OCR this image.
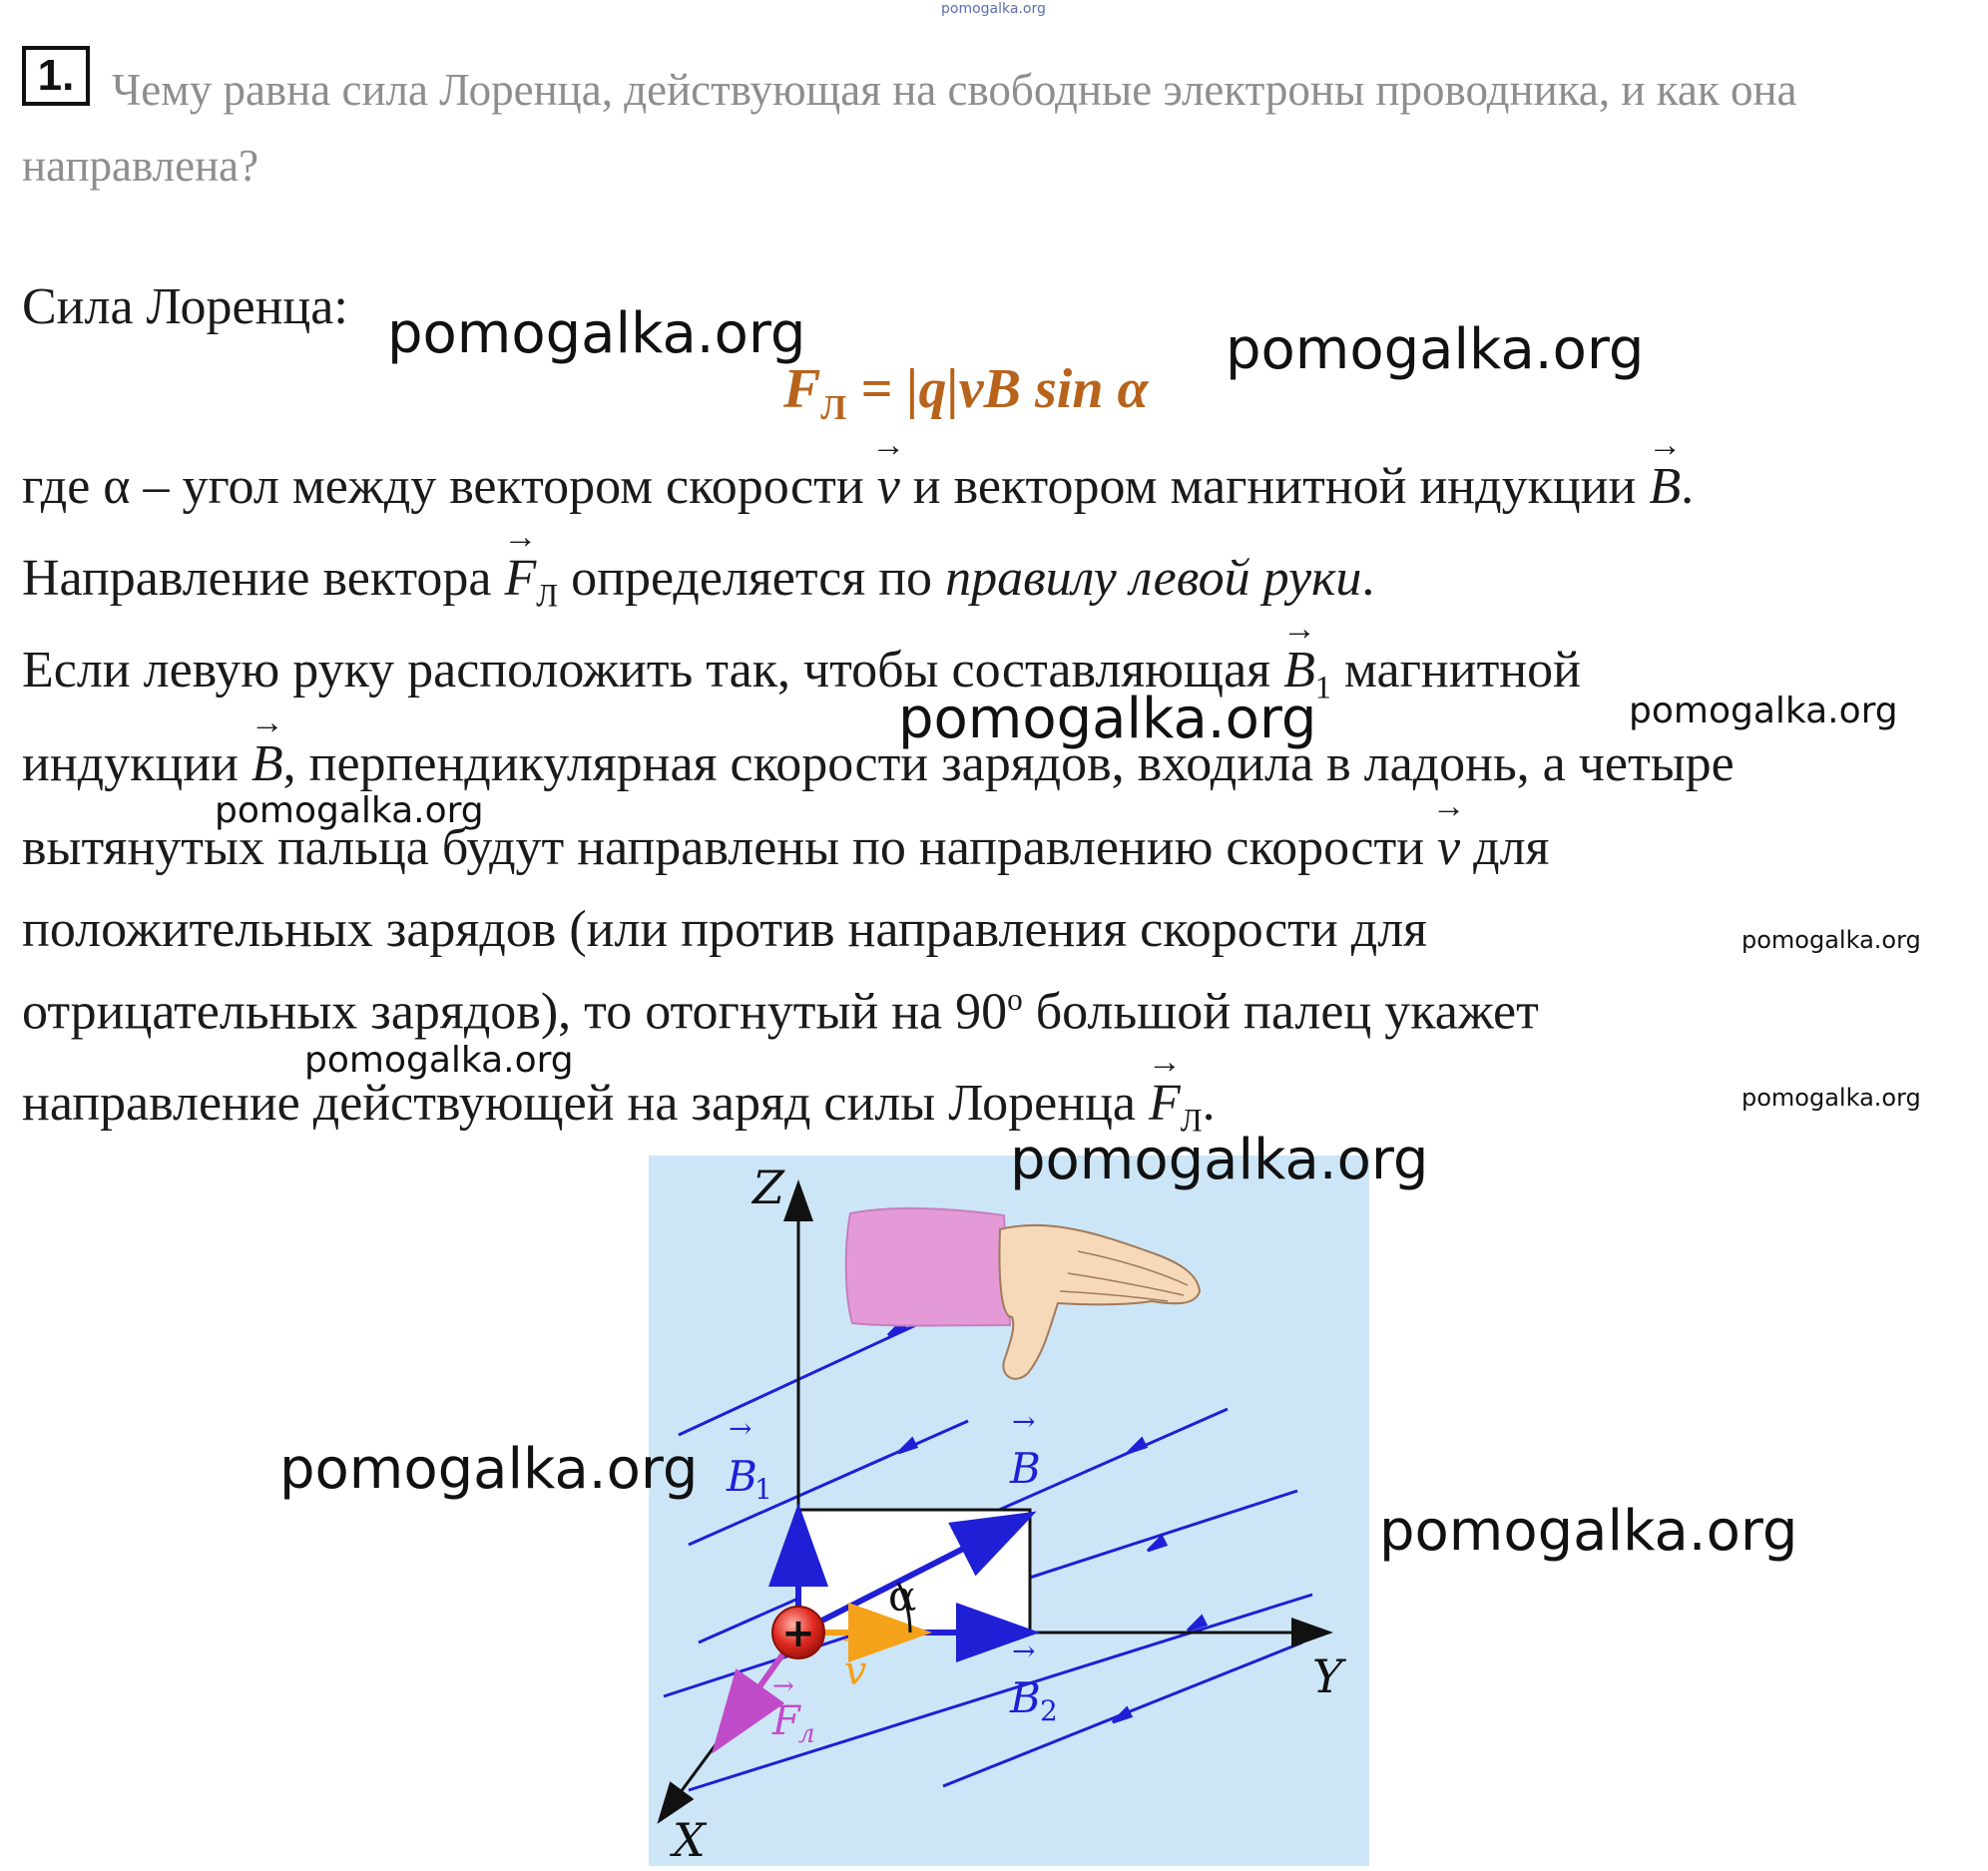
pomogalka.org
1. Чему равна сила Лоренца, действующая на свободные электроны проводника, и как она направлена?
Сила Лоренца:
$F_Л = |q|vB$ sin α
где α – угол между вектором скорости → v и вектором магнитной индукции → B.
Направление вектора → $F_Л$ определяется по правилу левой руки.
Если левую руку расположить так, чтобы составляющая → $B_1$ магнитной
индукции → B, перпендикулярная скорости зарядов, входила в ладонь, а четыре
вытянутых пальца будут направлены по направлению скорости → v для
положительных зарядов (или против направления скорости для
отрицательных зарядов), то отогнутый на $90^о$ большой палец укажет
направление действующей на заряд силы Лоренца → $F_Л$.
pomogalka.org	pomogalka.org
pomogalka.org	pomogalka.org
pomogalka.org
pomogalka.org
pomogalka.org
pomogalka.org
+
Z
Y
X
B
1
→
B
→
B 2
→
v
→
F
л
→
α
pomogalka.org
pomogalka.org
pomogalka.org
